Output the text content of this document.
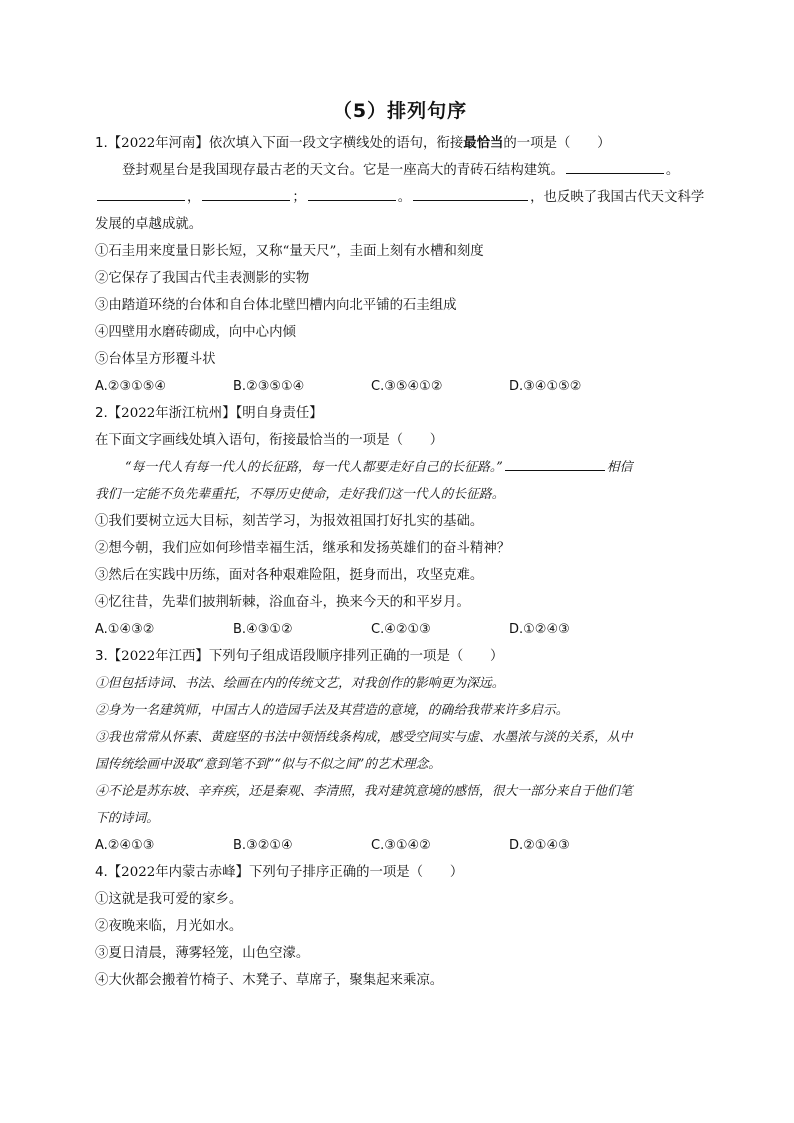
（5）排列句序
1.【2022年河南】依次填入下面一段文字横线处的语句，衔接最恰当的一项是（　　）
登封观星台是我国现存最古老的天文台。它是一座高大的青砖石结构建筑。	。
，	；	。	，也反映了我国古代天文科学
发展的卓越成就。
①石圭用来度量日影长短，又称“量天尺”，圭面上刻有水槽和刻度
②它保存了我国古代圭表测影的实物
③由踏道环绕的台体和自台体北壁凹槽内向北平铺的石圭组成
④四壁用水磨砖砌成，向中心内倾
⑤台体呈方形覆斗状
A.②③①⑤④	B.②③⑤①④	C.③⑤④①②	D.③④①⑤②
2.【2022年浙江杭州】【明自身责任】
在下面文字画线处填入语句，衔接最恰当的一项是（　　）
“每一代人有每一代人的长征路，每一代人都要走好自己的长征路。”	相信
我们一定能不负先辈重托，不辱历史使命，走好我们这一代人的长征路。
①我们要树立远大目标，刻苦学习，为报效祖国打好扎实的基础。
②想今朝，我们应如何珍惜幸福生活，继承和发扬英雄们的奋斗精神？
③然后在实践中历练，面对各种艰难险阻，挺身而出，攻坚克难。
④忆往昔，先辈们披荆斩棘，浴血奋斗，换来今天的和平岁月。
A.①④③②	B.④③①②	C.④②①③	D.①②④③
3.【2022年江西】下列句子组成语段顺序排列正确的一项是（　　）
①但包括诗词、书法、绘画在内的传统文艺，对我创作的影响更为深远。
②身为一名建筑师，中国古人的造园手法及其营造的意境，的确给我带来许多启示。
③我也常常从怀素、黄庭坚的书法中领悟线条构成，感受空间实与虚、水墨浓与淡的关系，从中
国传统绘画中汲取“意到笔不到”“似与不似之间”的艺术理念。
④不论是苏东坡、辛弃疾，还是秦观、李清照，我对建筑意境的感悟，很大一部分来自于他们笔
下的诗词。
A.②④①③	B.③②①④	C.③①④②	D.②①④③
4.【2022年内蒙古赤峰】下列句子排序正确的一项是（　　）
①这就是我可爱的家乡。
②夜晚来临，月光如水。
③夏日清晨，薄雾轻笼，山色空濛。
④大伙都会搬着竹椅子、木凳子、草席子，聚集起来乘凉。
